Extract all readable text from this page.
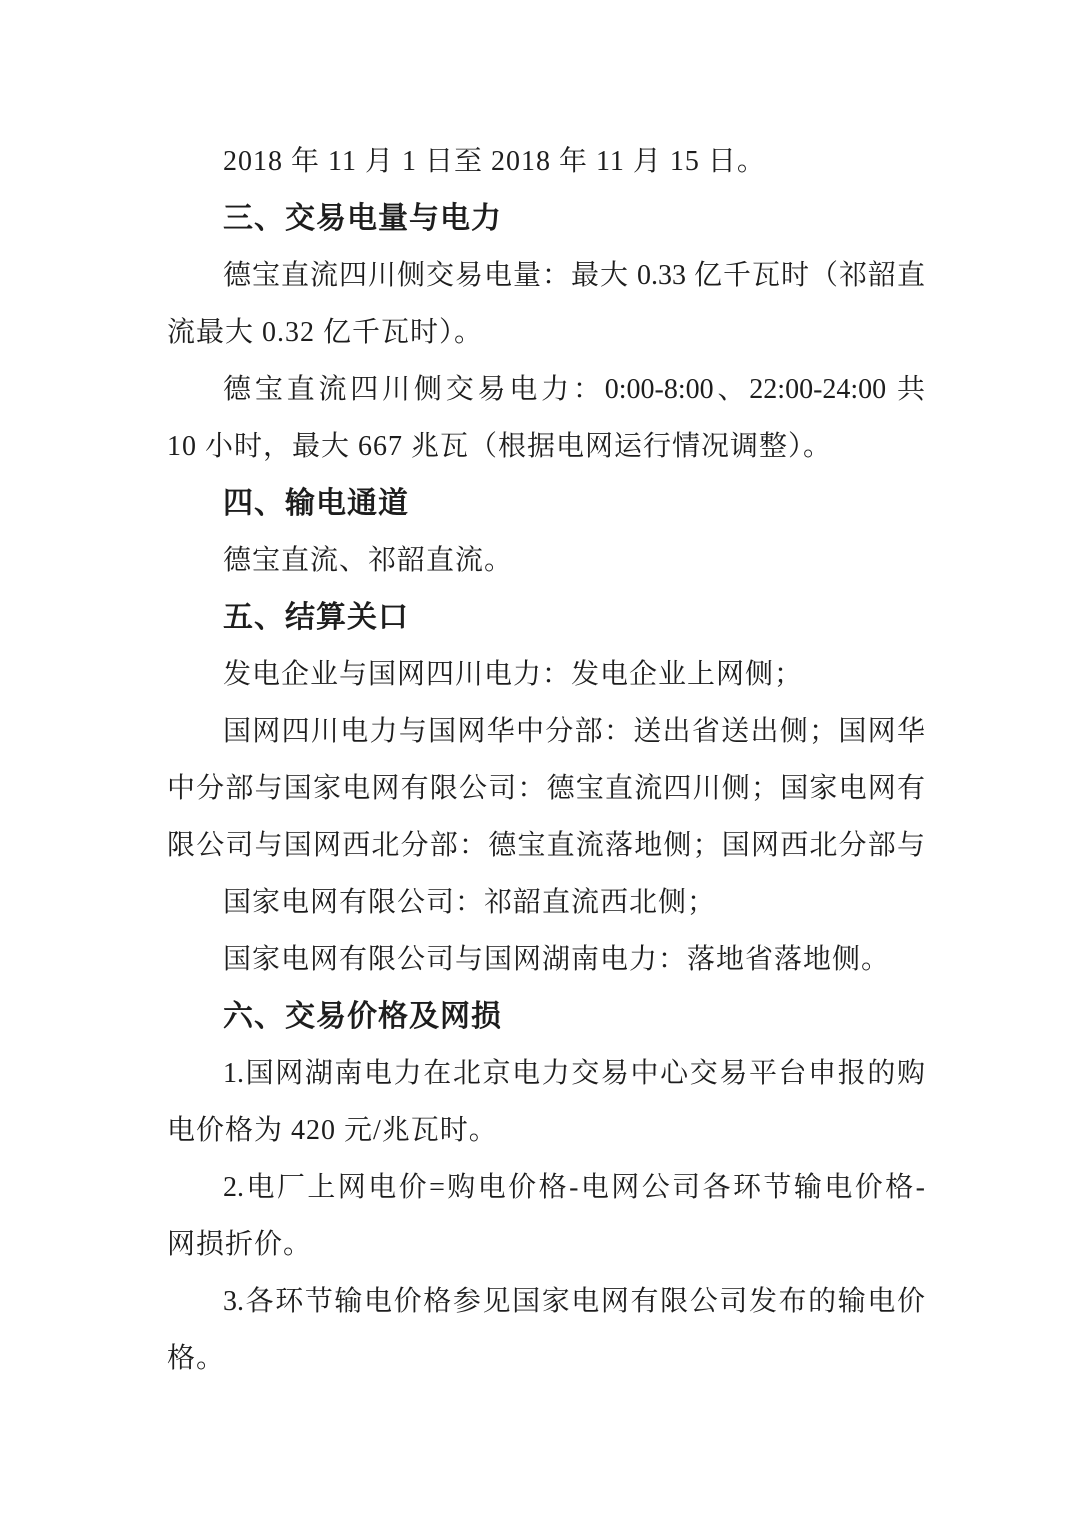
2018 年 11 月 1 日至 2018 年 11 月 15 日。
三、交易电量与电力
德宝直流四川侧交易电量：最大 0.33 亿千瓦时（祁韶直
流最大 0.32 亿千瓦时）。
德宝直流四川侧交易电力：0:00-8:00、22:00-24:00 共
10 小时，最大 667 兆瓦（根据电网运行情况调整）。
四、输电通道
德宝直流、祁韶直流。
五、结算关口
发电企业与国网四川电力：发电企业上网侧；
国网四川电力与国网华中分部：送出省送出侧；国网华
中分部与国家电网有限公司：德宝直流四川侧；国家电网有
限公司与国网西北分部：德宝直流落地侧；国网西北分部与
国家电网有限公司：祁韶直流西北侧；
国家电网有限公司与国网湖南电力：落地省落地侧。
六、交易价格及网损
1.国网湖南电力在北京电力交易中心交易平台申报的购
电价格为 420 元/兆瓦时。
2.电厂上网电价=购电价格-电网公司各环节输电价格-
网损折价。
3.各环节输电价格参见国家电网有限公司发布的输电价
格。
